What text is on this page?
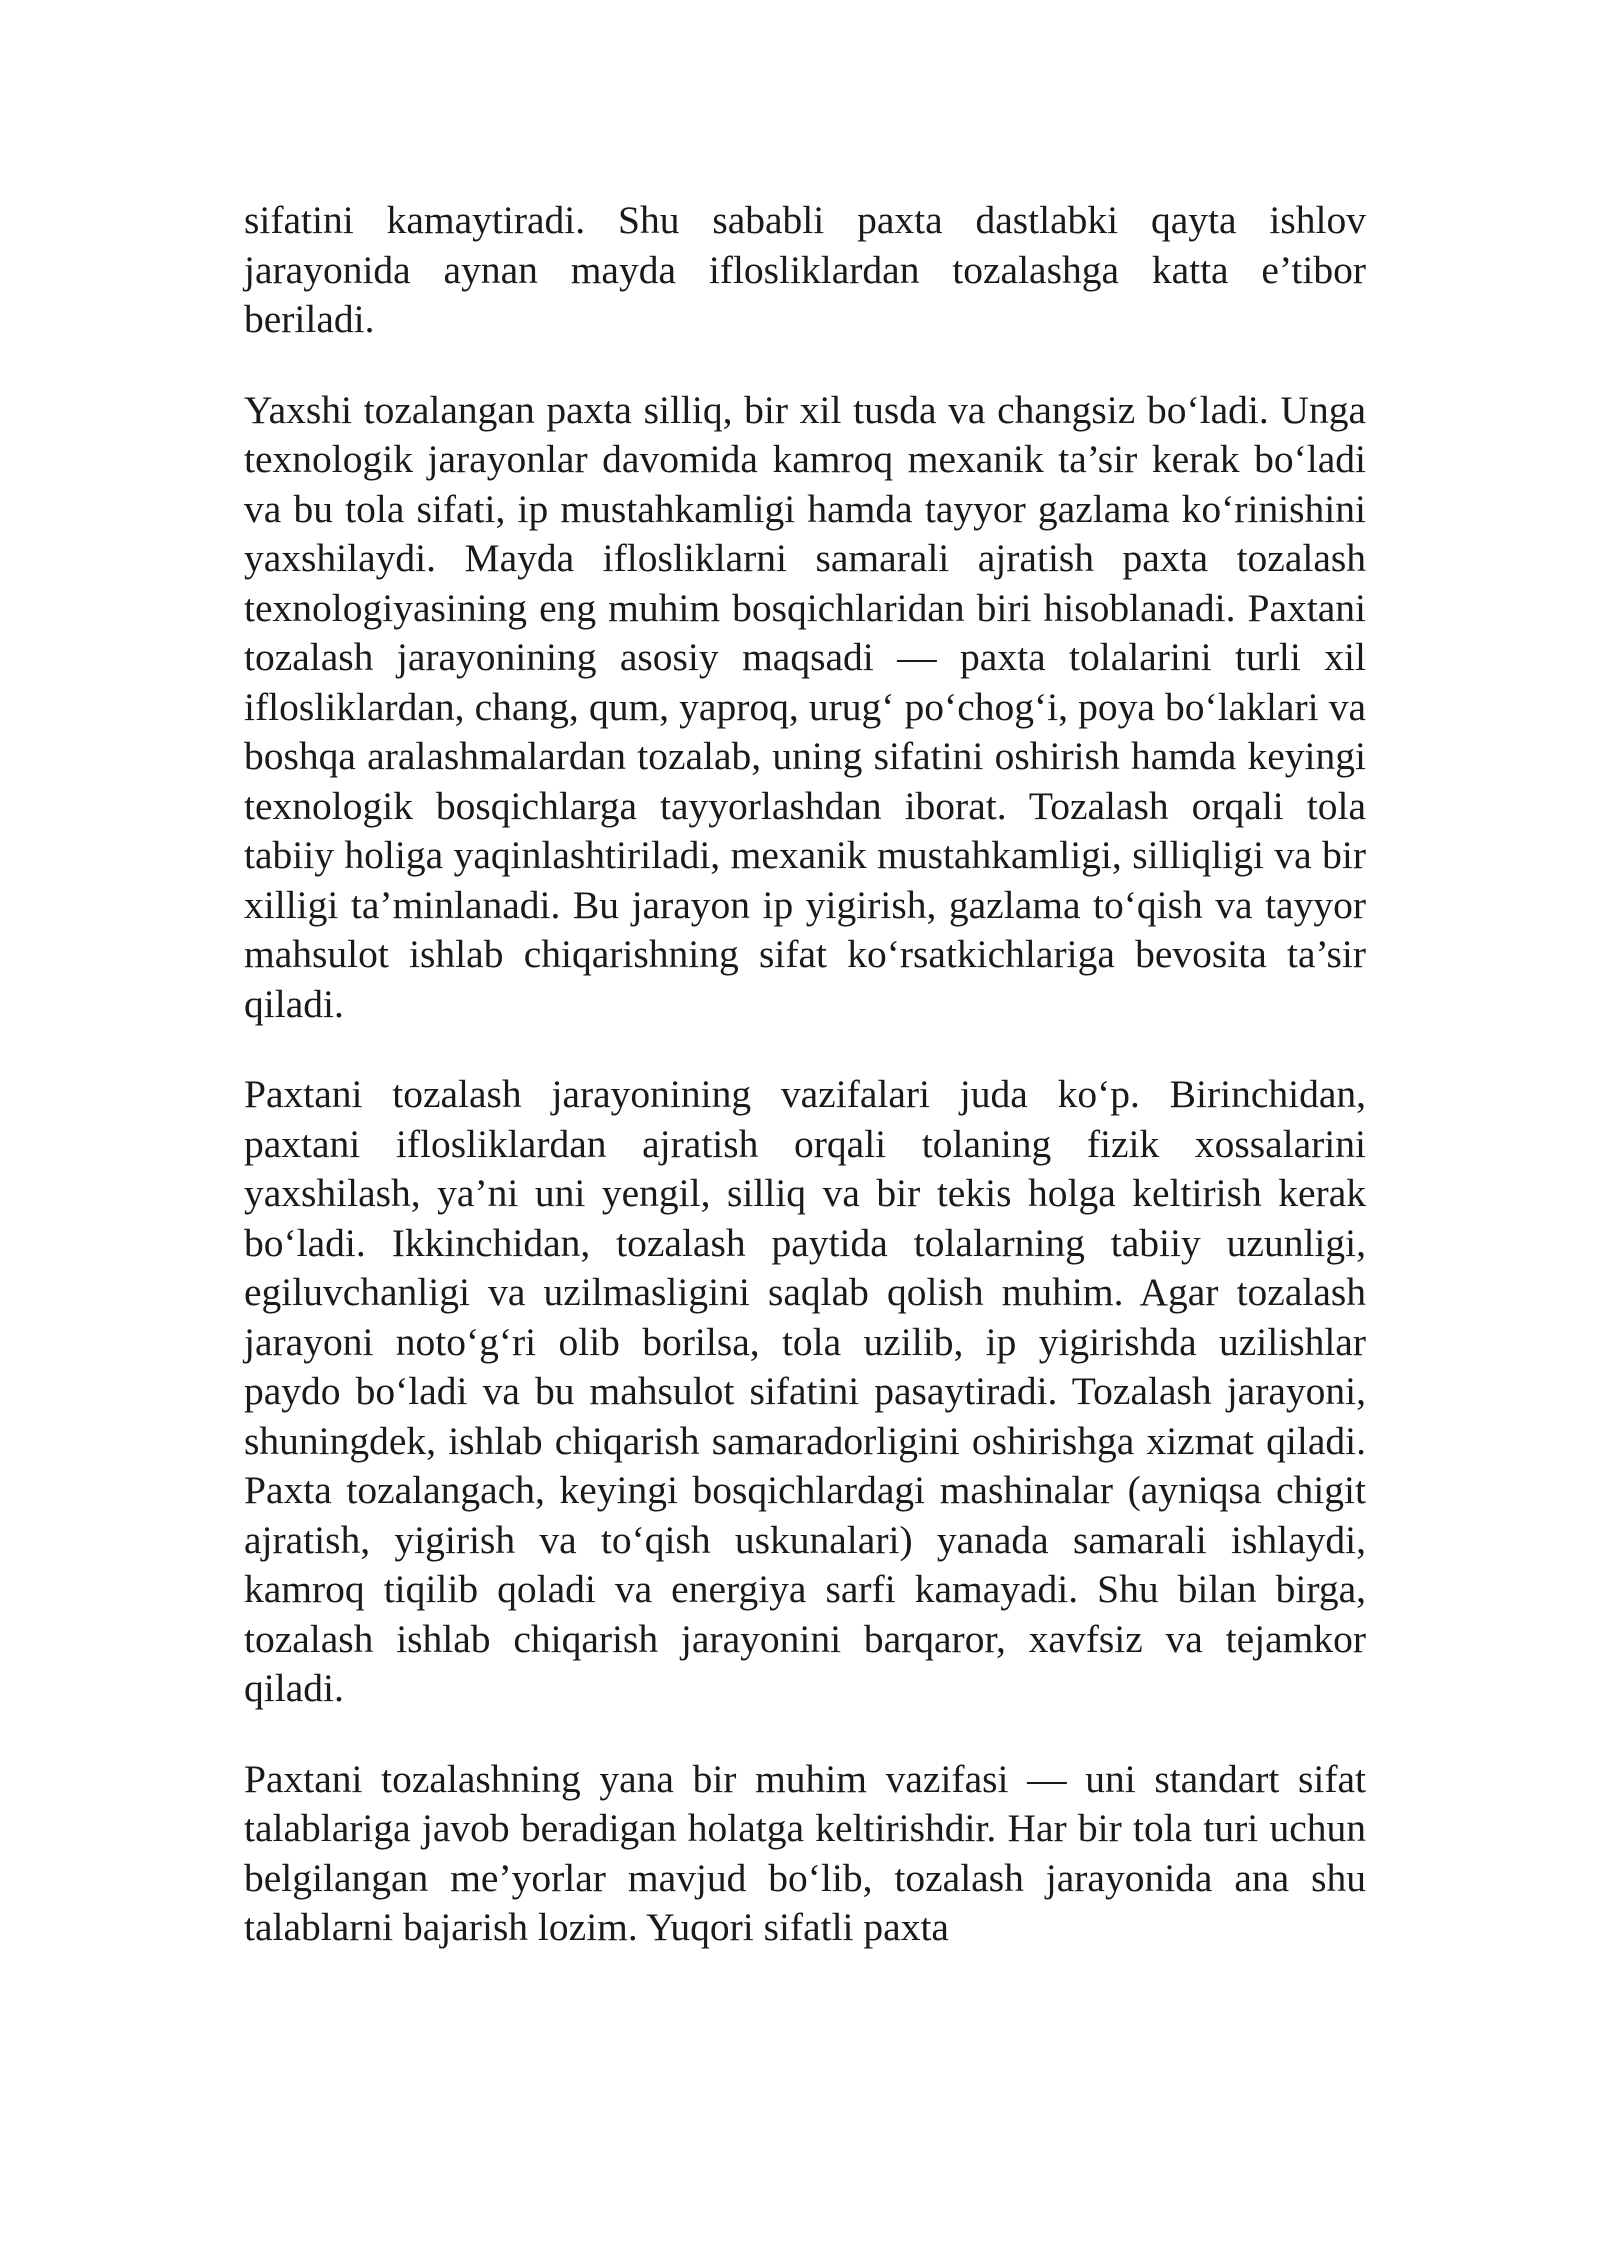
sifatini kamaytiradi. Shu sababli paxta dastlabki qayta ishlov jarayonida aynan mayda iflosliklardan tozalashga katta e’tibor beriladi.

Yaxshi tozalangan paxta silliq, bir xil tusda va changsiz bo‘ladi. Unga texnologik jarayonlar davomida kamroq mexanik ta’sir kerak bo‘ladi va bu tola sifati, ip mustahkamligi hamda tayyor gazlama ko‘rinishini yaxshilaydi. Mayda iflosliklarni samarali ajratish paxta tozalash texnologiyasining eng muhim bosqichlaridan biri hisoblanadi. Paxtani tozalash jarayonining asosiy maqsadi — paxta tolalarini turli xil iflosliklardan, chang, qum, yaproq, urug‘ po‘chog‘i, poya bo‘laklari va boshqa aralashmalardan tozalab, uning sifatini oshirish hamda keyingi texnologik bosqichlarga tayyorlashdan iborat. Tozalash orqali tola tabiiy holiga yaqinlashtiriladi, mexanik mustahkamligi, silliqligi va bir xilligi ta’minlanadi. Bu jarayon ip yigirish, gazlama to‘qish va tayyor mahsulot ishlab chiqarishning sifat ko‘rsatkichlariga bevosita ta’sir qiladi.

Paxtani tozalash jarayonining vazifalari juda ko‘p. Birinchidan, paxtani iflosliklardan ajratish orqali tolaning fizik xossalarini yaxshilash, ya’ni uni yengil, silliq va bir tekis holga keltirish kerak bo‘ladi. Ikkinchidan, tozalash paytida tolalarning tabiiy uzunligi, egiluvchanligi va uzilmasligini saqlab qolish muhim. Agar tozalash jarayoni noto‘g‘ri olib borilsa, tola uzilib, ip yigirishda uzilishlar paydo bo‘ladi va bu mahsulot sifatini pasaytiradi. Tozalash jarayoni, shuningdek, ishlab chiqarish samaradorligini oshirishga xizmat qiladi. Paxta tozalangach, keyingi bosqichlardagi mashinalar (ayniqsa chigit ajratish, yigirish va to‘qish uskunalari) yanada samarali ishlaydi, kamroq tiqilib qoladi va energiya sarfi kamayadi. Shu bilan birga, tozalash ishlab chiqarish jarayonini barqaror, xavfsiz va tejamkor qiladi.

Paxtani tozalashning yana bir muhim vazifasi — uni standart sifat talablariga javob beradigan holatga keltirishdir. Har bir tola turi uchun belgilangan me’yorlar mavjud bo‘lib, tozalash jarayonida ana shu talablarni bajarish lozim. Yuqori sifatli paxta
